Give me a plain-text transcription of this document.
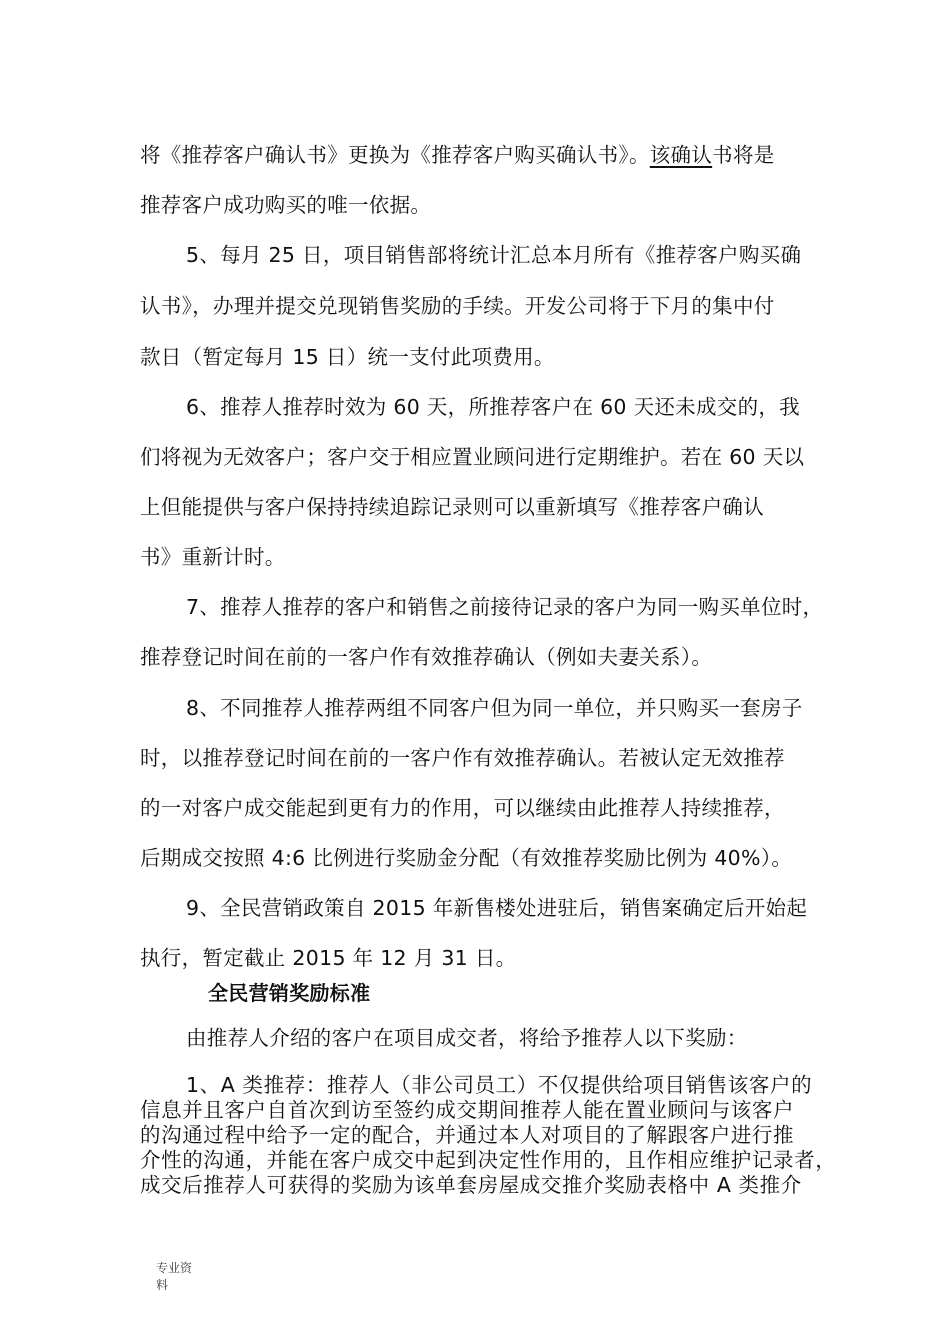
将《推荐客户确认书》更换为《推荐客户购买确认书》。该确认书将是
推荐客户成功购买的唯一依据。
5、每月 25 日，项目销售部将统计汇总本月所有《推荐客户购买确
认书》，办理并提交兑现销售奖励的手续。开发公司将于下月的集中付
款日（暂定每月 15 日）统一支付此项费用。
6、推荐人推荐时效为 60 天，所推荐客户在 60 天还未成交的，我
们将视为无效客户；客户交于相应置业顾问进行定期维护。若在 60 天以
上但能提供与客户保持持续追踪记录则可以重新填写《推荐客户确认
书》重新计时。
7、推荐人推荐的客户和销售之前接待记录的客户为同一购买单位时，
推荐登记时间在前的一客户作有效推荐确认（例如夫妻关系）。
8、不同推荐人推荐两组不同客户但为同一单位，并只购买一套房子
时，以推荐登记时间在前的一客户作有效推荐确认。若被认定无效推荐
的一对客户成交能起到更有力的作用，可以继续由此推荐人持续推荐，
后期成交按照 4:6 比例进行奖励金分配（有效推荐奖励比例为 40%）。
9、全民营销政策自 2015 年新售楼处进驻后，销售案确定后开始起
执行，暂定截止 2015 年 12 月 31 日。
全民营销奖励标准
由推荐人介绍的客户在项目成交者，将给予推荐人以下奖励：
1、A 类推荐：推荐人（非公司员工）不仅提供给项目销售该客户的
信息并且客户自首次到访至签约成交期间推荐人能在置业顾问与该客户
的沟通过程中给予一定的配合，并通过本人对项目的了解跟客户进行推
介性的沟通，并能在客户成交中起到决定性作用的，且作相应维护记录者，
成交后推荐人可获得的奖励为该单套房屋成交推介奖励表格中 A 类推介
专业资
料
